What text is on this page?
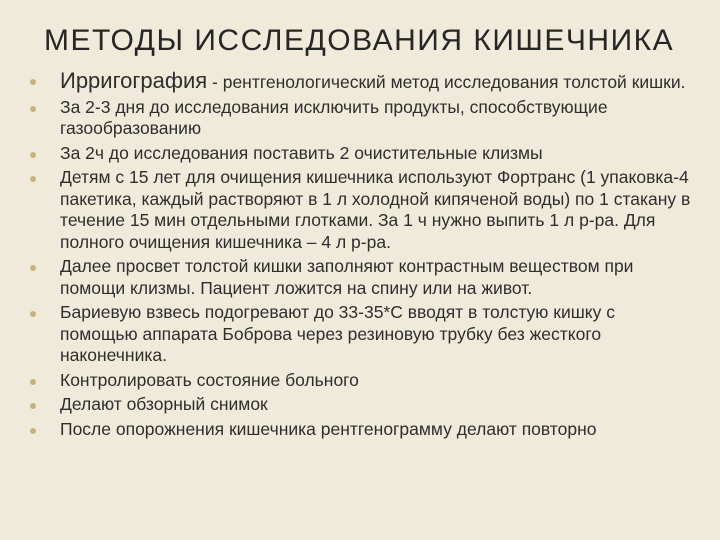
МЕТОДЫ ИССЛЕДОВАНИЯ КИШЕЧНИКА
Ирригография - рентгенологический метод исследования толстой кишки.
За 2-3 дня до исследования исключить продукты, способствующие газообразованию
За 2ч до исследования поставить 2 очистительные клизмы
Детям с 15 лет для очищения кишечника используют Фортранс (1 упаковка-4 пакетика, каждый растворяют в 1 л холодной кипяченой воды) по 1 стакану в течение 15 мин отдельными глотками. За 1 ч нужно выпить 1 л р-ра. Для полного очищения кишечника – 4 л р-ра.
Далее просвет толстой кишки заполняют контрастным веществом при помощи клизмы. Пациент ложится на спину или на живот.
Бариевую взвесь подогревают до 33-35*С вводят в толстую кишку с помощью аппарата Боброва через резиновую трубку без жесткого наконечника.
Контролировать состояние больного
Делают обзорный снимок
После опорожнения кишечника рентгенограмму делают повторно
